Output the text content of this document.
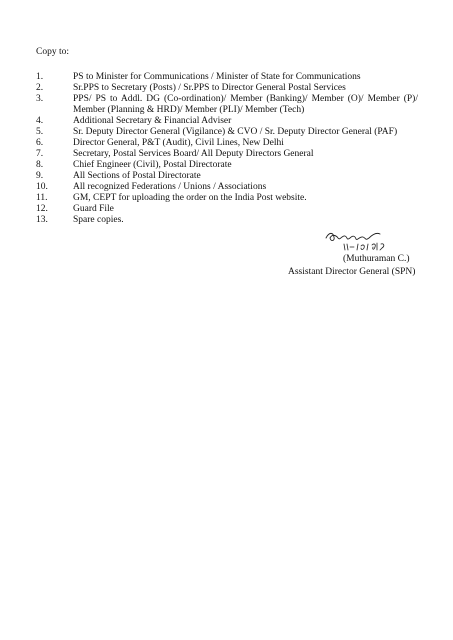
Copy to:
1.	PS to Minister for Communications / Minister of State for Communications
2.	Sr.PPS to Secretary (Posts) / Sr.PPS to Director General Postal Services
3.	PPS/ PS to Addl. DG (Co-ordination)/ Member (Banking)/ Member (O)/ Member (P)/ Member (Planning & HRD)/ Member (PLI)/ Member (Tech)
4.	Additional Secretary & Financial Adviser
5.	Sr. Deputy Director General (Vigilance) & CVO / Sr. Deputy Director General (PAF)
6.	Director General, P&T (Audit), Civil Lines, New Delhi
7.	Secretary, Postal Services Board/ All Deputy Directors General
8.	Chief Engineer (Civil), Postal Directorate
9.	All Sections of Postal Directorate
10.	All recognized Federations / Unions / Associations
11.	GM, CEPT for uploading the order on the India Post website.
12.	Guard File
13.	Spare copies.
(Muthuraman C.)
Assistant Director General (SPN)
